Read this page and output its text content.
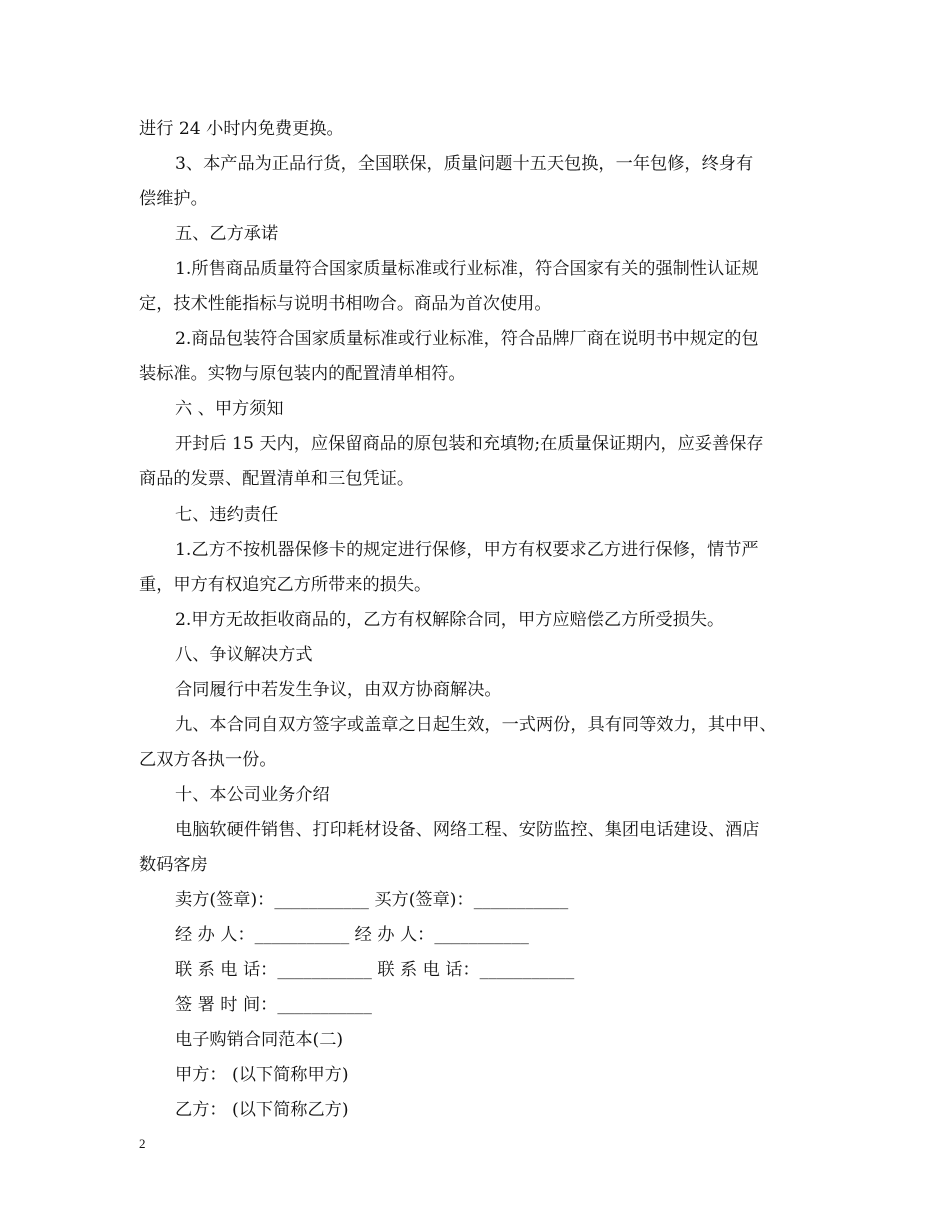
进行 24 小时内免费更换。
3、本产品为正品行货，全国联保，质量问题十五天包换，一年包修，终身有
偿维护。
五、乙方承诺
1.所售商品质量符合国家质量标准或行业标准，符合国家有关的强制性认证规
定，技术性能指标与说明书相吻合。商品为首次使用。
2.商品包装符合国家质量标准或行业标准，符合品牌厂商在说明书中规定的包
装标准。实物与原包装内的配置清单相符。
六 、甲方须知
开封后 15 天内，应保留商品的原包装和充填物;在质量保证期内，应妥善保存
商品的发票、配置清单和三包凭证。
七、违约责任
1.乙方不按机器保修卡的规定进行保修，甲方有权要求乙方进行保修，情节严
重，甲方有权追究乙方所带来的损失。
2.甲方无故拒收商品的，乙方有权解除合同，甲方应赔偿乙方所受损失。
八、争议解决方式
合同履行中若发生争议，由双方协商解决。
九、本合同自双方签字或盖章之日起生效，一式两份，具有同等效力，其中甲、
乙双方各执一份。
十、本公司业务介绍
电脑软硬件销售、打印耗材设备、网络工程、安防监控、集团电话建设、酒店
数码客房
卖方(签章)：___________ 买方(签章)：___________
经 办 人：___________ 经 办 人：___________
联 系 电 话：___________ 联 系 电 话：___________
签 署 时 间：___________
电子购销合同范本(二)
甲方： (以下简称甲方)
乙方： (以下简称乙方)
2
